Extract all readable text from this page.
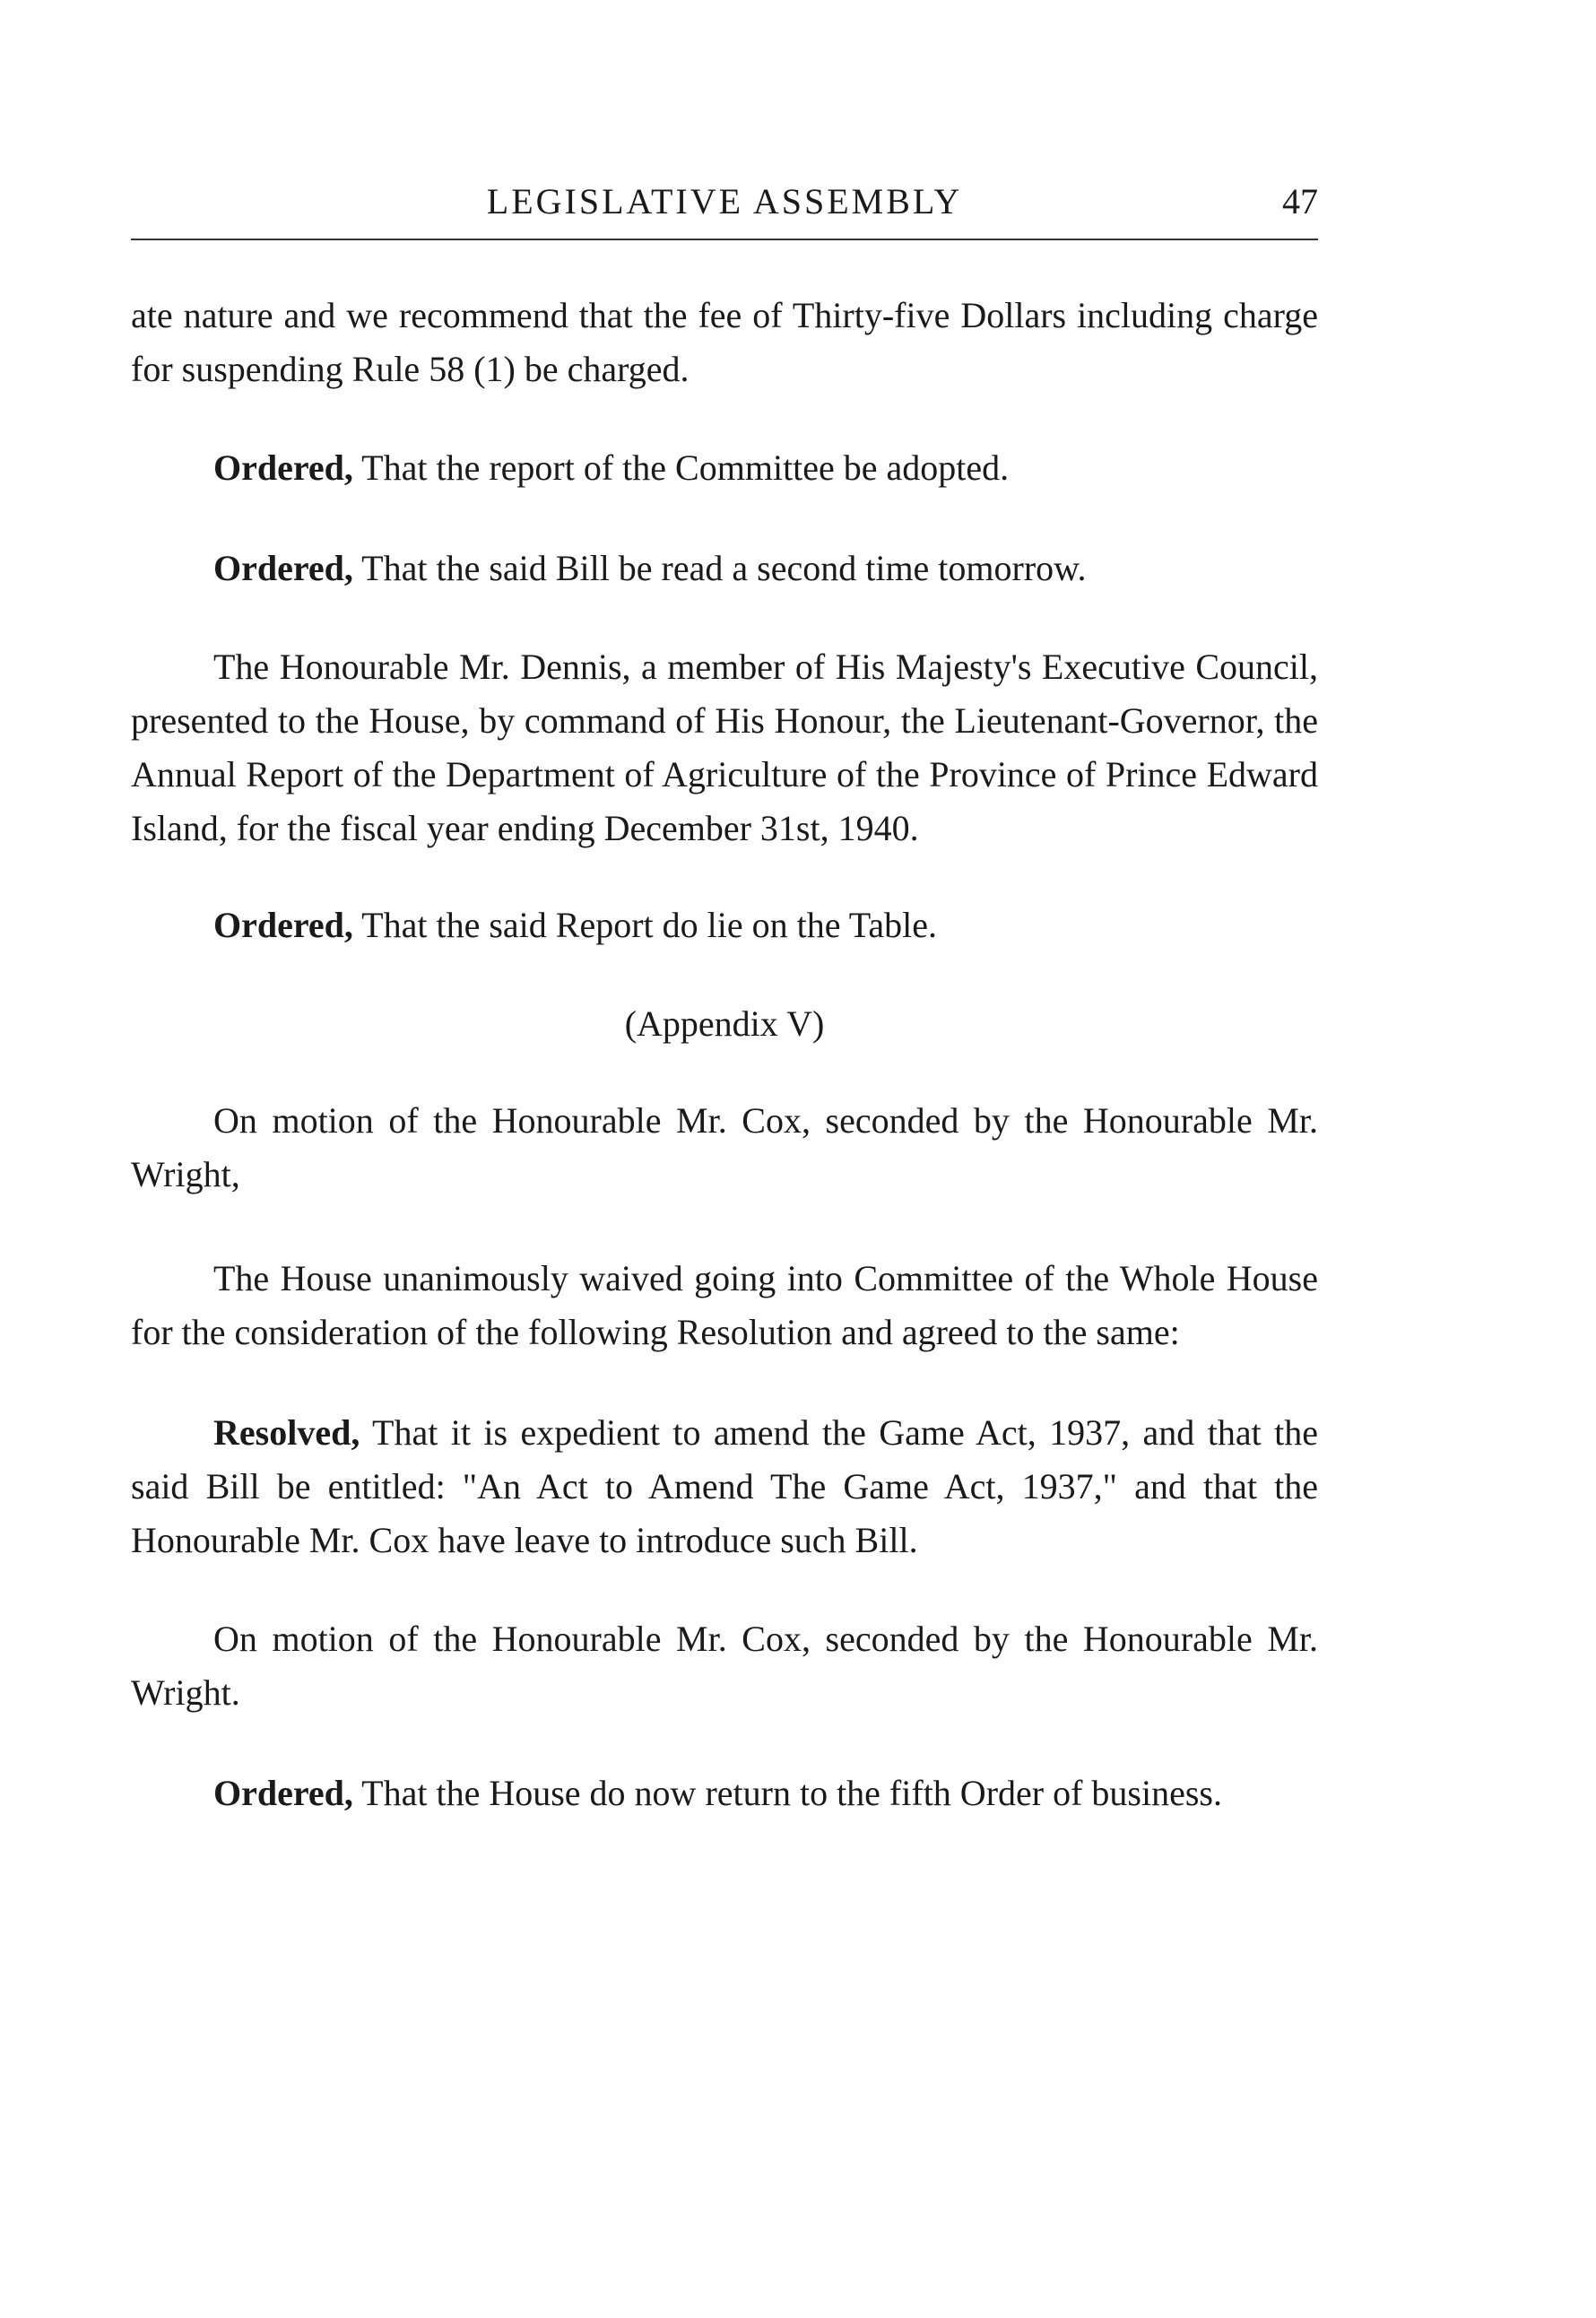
LEGISLATIVE ASSEMBLY	47

ate nature and we recommend that the fee of Thirty-five Dollars including charge for suspending Rule 58 (1) be charged.

Ordered, That the report of the Committee be adopted.

Ordered, That the said Bill be read a second time tomorrow.

The Honourable Mr. Dennis, a member of His Majesty's Executive Council, presented to the House, by command of His Honour, the Lieutenant-Governor, the Annual Report of the Department of Agriculture of the Province of Prince Edward Island, for the fiscal year ending December 31st, 1940.

Ordered, That the said Report do lie on the Table.

(Appendix V)

On motion of the Honourable Mr. Cox, seconded by the Honourable Mr. Wright,

The House unanimously waived going into Committee of the Whole House for the consideration of the following Resolution and agreed to the same:

Resolved, That it is expedient to amend the Game Act, 1937, and that the said Bill be entitled: "An Act to Amend The Game Act, 1937," and that the Honourable Mr. Cox have leave to introduce such Bill.

On motion of the Honourable Mr. Cox, seconded by the Honourable Mr. Wright.

Ordered, That the House do now return to the fifth Order of business.
